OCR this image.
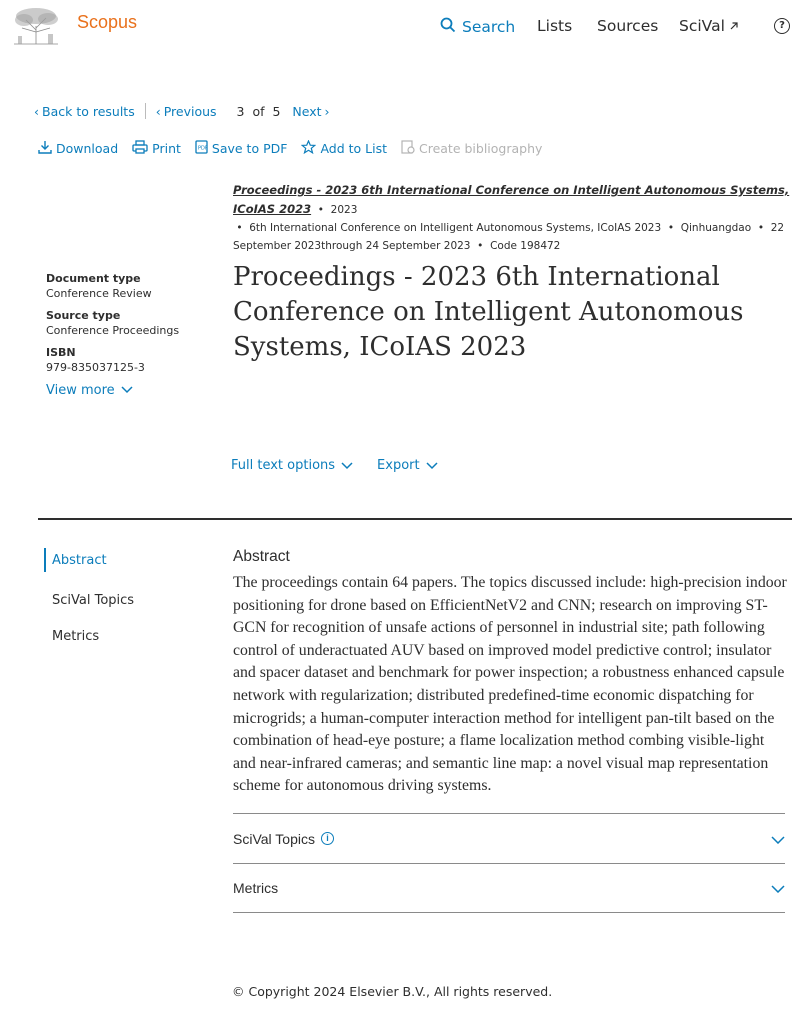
Scopus	Search Lists Sources SciVal	?
‹ Back to results ‹ Previous 3 of 5 Next ›
Download	Print	PDF Save to PDF	Add to List	Create bibliography
Proceedings - 2023 6th International Conference on Intelligent Autonomous Systems, ICoIAS 2023  •  2023
•  6th International Conference on Intelligent Autonomous Systems, ICoIAS 2023  •  Qinhuangdao  •  22
September 2023through 24 September 2023  •  Code 198472
Document type
Conference Review
Source type
Conference Proceedings
ISBN
979-835037125-3
View more
Proceedings - 2023 6th International Conference on Intelligent Autonomous Systems, ICoIAS 2023
Full text options	Export
Abstract
SciVal Topics
Metrics
Abstract

The proceedings contain 64 papers. The topics discussed include: high-precision indoor positioning for drone based on EfficientNetV2 and CNN; research on improving ST-GCN for recognition of unsafe actions of personnel in industrial site; path following control of underactuated AUV based on improved model predictive control; insulator and spacer dataset and benchmark for power inspection; a robustness enhanced capsule network with regularization; distributed predefined-time economic dispatching for microgrids; a human-computer interaction method for intelligent pan-tilt based on the combination of head-eye posture; a flame localization method combing visible-light and near-infrared cameras; and semantic line map: a novel visual map representation scheme for autonomous driving systems.

SciVal Topics	i
Metrics
© Copyright 2024 Elsevier B.V., All rights reserved.
